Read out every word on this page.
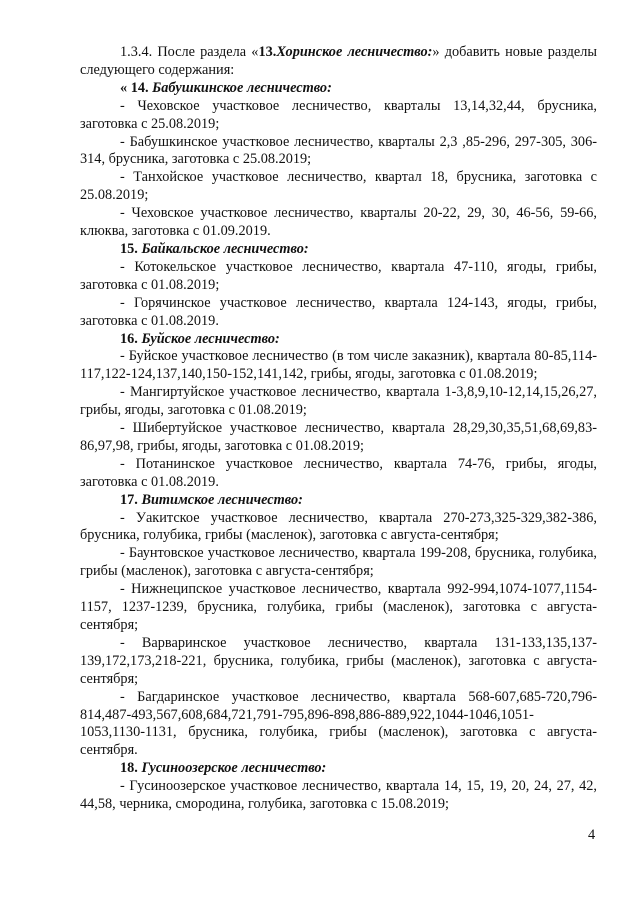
1.3.4. После раздела «13.Хоринское лесничество:» добавить новые разделы следующего содержания:

« 14. Бабушкинское лесничество:

- Чеховское участковое лесничество, кварталы 13,14,32,44, брусника, заготовка с 25.08.2019;

- Бабушкинское участковое лесничество, кварталы 2,3 ,85-296, 297-305, 306-314, брусника, заготовка с 25.08.2019;

- Танхойское участковое лесничество, квартал 18, брусника, заготовка с 25.08.2019;

- Чеховское участковое лесничество, кварталы 20-22, 29, 30, 46-56, 59-66, клюква, заготовка с 01.09.2019.

15. Байкальское лесничество:

- Котокельское участковое лесничество, квартала 47-110, ягоды, грибы, заготовка с 01.08.2019;

- Горячинское участковое лесничество, квартала 124-143, ягоды, грибы, заготовка с 01.08.2019.

16. Буйское лесничество:

- Буйское участковое лесничество (в том числе заказник), квартала 80-85,114-117,122-124,137,140,150-152,141,142, грибы, ягоды, заготовка с 01.08.2019;

- Мангиртуйское участковое лесничество, квартала 1-3,8,9,10-12,14,15,26,27, грибы, ягоды, заготовка с 01.08.2019;

- Шибертуйское участковое лесничество, квартала 28,29,30,35,51,68,69,83-86,97,98, грибы, ягоды, заготовка с 01.08.2019;

- Потанинское участковое лесничество, квартала 74-76, грибы, ягоды, заготовка с 01.08.2019.

17. Витимское лесничество:

- Уакитское участковое лесничество, квартала 270-273,325-329,382-386, брусника, голубика, грибы (масленок), заготовка с августа-сентября;

- Баунтовское участковое лесничество, квартала 199-208, брусника, голубика, грибы (масленок), заготовка с августа-сентября;

- Нижнеципское участковое лесничество, квартала 992-994,1074-1077,1154-1157, 1237-1239, брусника, голубика, грибы (масленок), заготовка с августа-сентября;

- Варваринское участковое лесничество, квартала 131-133,135,137-139,172,173,218-221, брусника, голубика, грибы (масленок), заготовка с августа-сентября;

- Багдаринское участковое лесничество, квартала 568-607,685-720,796-814,487-493,567,608,684,721,791-795,896-898,886-889,922,1044-1046,1051-1053,1130-1131, брусника, голубика, грибы (масленок), заготовка с августа-сентября.

18. Гусиноозерское лесничество:

- Гусиноозерское участковое лесничество, квартала 14, 15, 19, 20, 24, 27, 42, 44,58, черника, смородина, голубика, заготовка с 15.08.2019;

4
